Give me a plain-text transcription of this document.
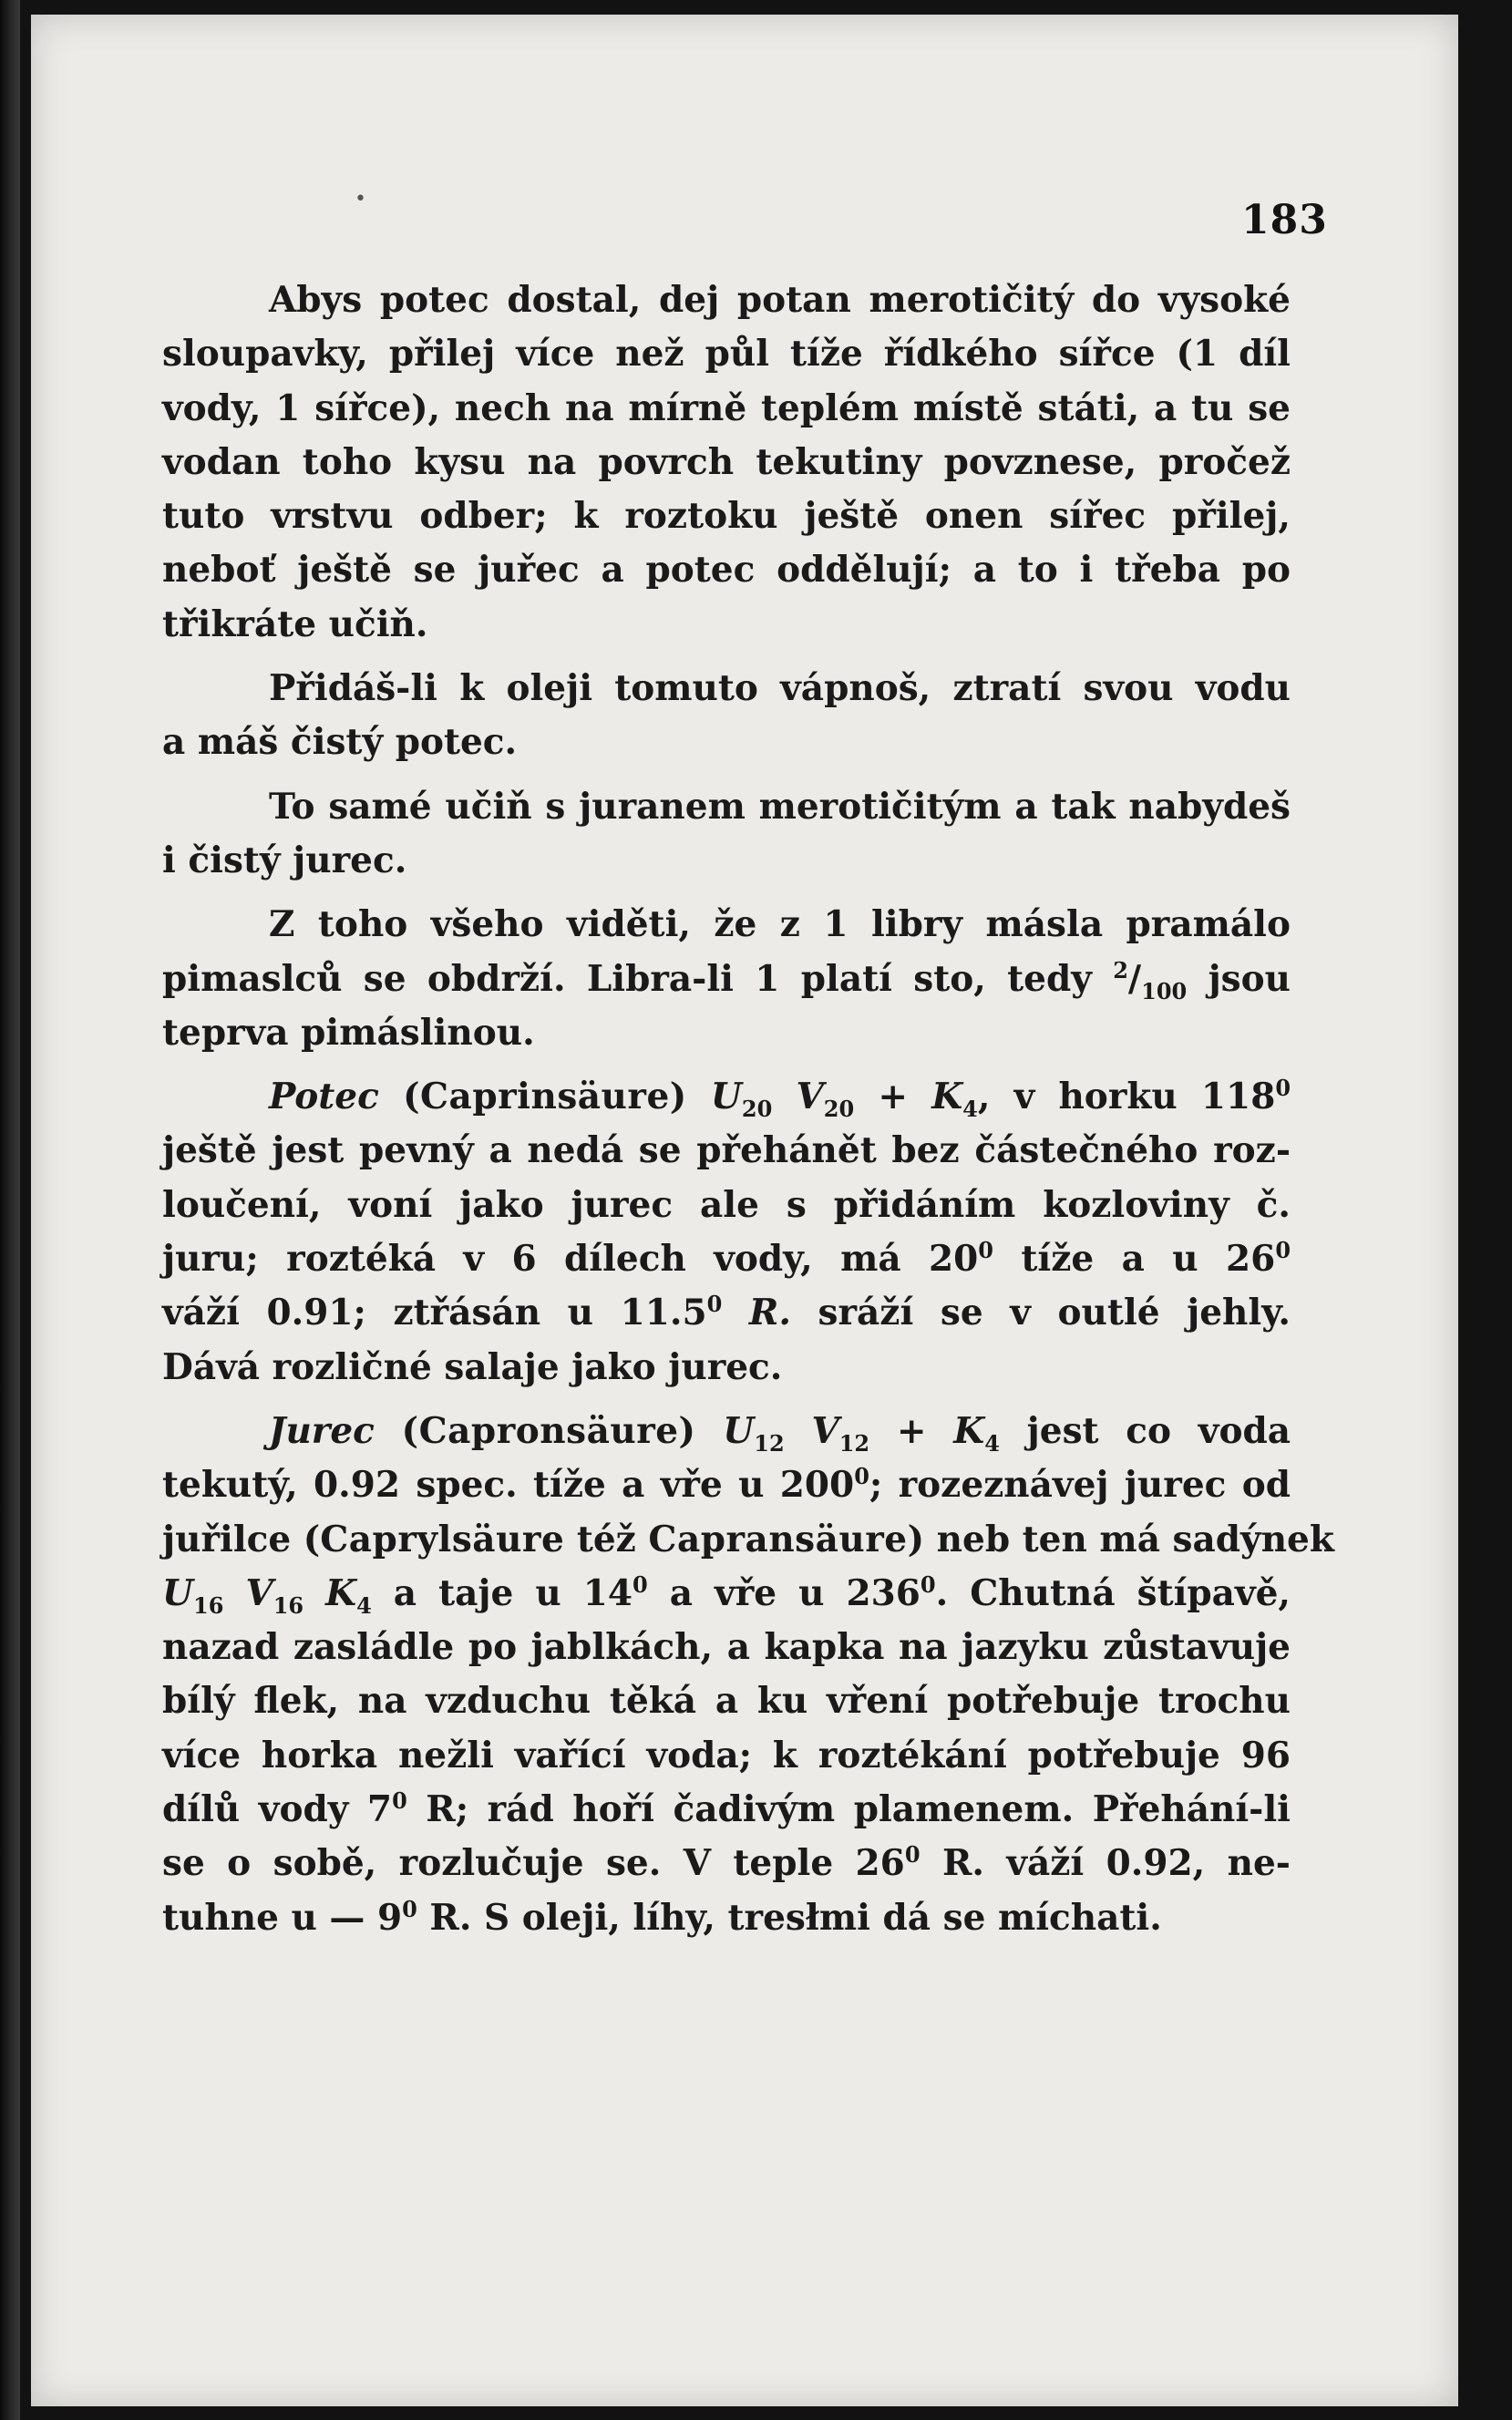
•	183

Abys potec dostal, dej potan merotičitý do vysoké
sloupavky, přilej více než půl tíže řídkého sířce (1 díl
vody, 1 sířce), nech na mírně teplém místě státi, a tu se
vodan toho kysu na povrch tekutiny povznese, pročež
tuto vrstvu odber; k roztoku ještě onen sířec přilej,
neboť ještě se juřec a potec oddělují; a to i třeba po
třikráte učiň.

Přidáš-li k oleji tomuto vápnoš, ztratí svou vodu
a máš čistý potec.

To samé učiň s juranem merotičitým a tak nabydeš
i čistý jurec.

Z toho všeho viděti, že z 1 libry másla pramálo
pimaslců se obdrží. Libra-li 1 platí sto, tedy $^2/_{100}$ jsou
teprva pimáslinou.

Potec (Caprinsäure) $U_{20}$ $V_{20} + K_4$, v horku $118^0$
ještě jest pevný a nedá se přehánět bez částečného roz-
loučení, voní jako jurec ale s přidáním kozloviny č.
juru; roztéká v 6 dílech vody, má $20^0$ tíže a u $26^0$
váží 0.91; ztřásán u 11.5$^0$ R. sráží se v outlé jehly.
Dává rozličné salaje jako jurec.

Jurec (Capronsäure) $U_{12}$ $V_{12} + K_4$ jest co voda
tekutý, 0.92 spec. tíže a vře u $200^0$; rozeznávej jurec od
juřilce (Caprylsäure též Capransäure) neb ten má sadýnek
$U_{16}$ $V_{16}$ $K_4$ a taje u $14^0$ a vře u $236^0$. Chutná štípavě,
nazad zasládle po jablkách, a kapka na jazyku zůstavuje
bílý flek, na vzduchu těká a ku vření potřebuje trochu
více horka nežli vařící voda; k roztékání potřebuje 96
dílů vody $7^0$ R; rád hoří čadivým plamenem. Přehání-li
se o sobě, rozlučuje se. V teple $26^0$ R. váží 0.92, ne-
tuhne u — $9^0$ R. S oleji, líhy, tresłmi dá se míchati.
